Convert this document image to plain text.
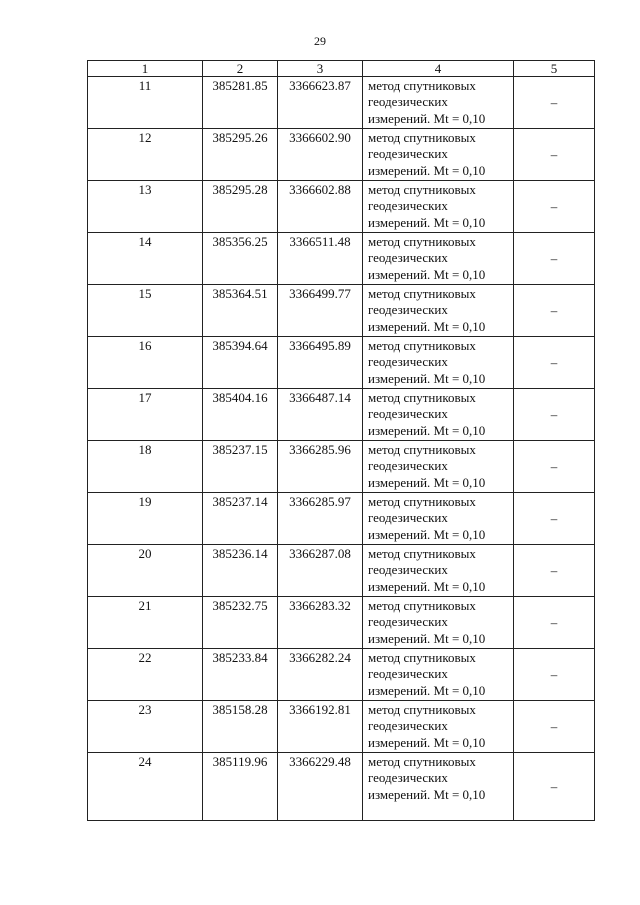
29
1	2	3	4	5
11	385281.85	3366623.87	метод спутниковых геодезических измерений. Mt = 0,10	–
12	385295.26	3366602.90	метод спутниковых геодезических измерений. Mt = 0,10	–
13	385295.28	3366602.88	метод спутниковых геодезических измерений. Mt = 0,10	–
14	385356.25	3366511.48	метод спутниковых геодезических измерений. Mt = 0,10	–
15	385364.51	3366499.77	метод спутниковых геодезических измерений. Mt = 0,10	–
16	385394.64	3366495.89	метод спутниковых геодезических измерений. Mt = 0,10	–
17	385404.16	3366487.14	метод спутниковых геодезических измерений. Mt = 0,10	–
18	385237.15	3366285.96	метод спутниковых геодезических измерений. Mt = 0,10	–
19	385237.14	3366285.97	метод спутниковых геодезических измерений. Mt = 0,10	–
20	385236.14	3366287.08	метод спутниковых геодезических измерений. Mt = 0,10	–
21	385232.75	3366283.32	метод спутниковых геодезических измерений. Mt = 0,10	–
22	385233.84	3366282.24	метод спутниковых геодезических измерений. Mt = 0,10	–
23	385158.28	3366192.81	метод спутниковых геодезических измерений. Mt = 0,10	–
24	385119.96	3366229.48	метод спутниковых геодезических измерений. Mt = 0,10	–
